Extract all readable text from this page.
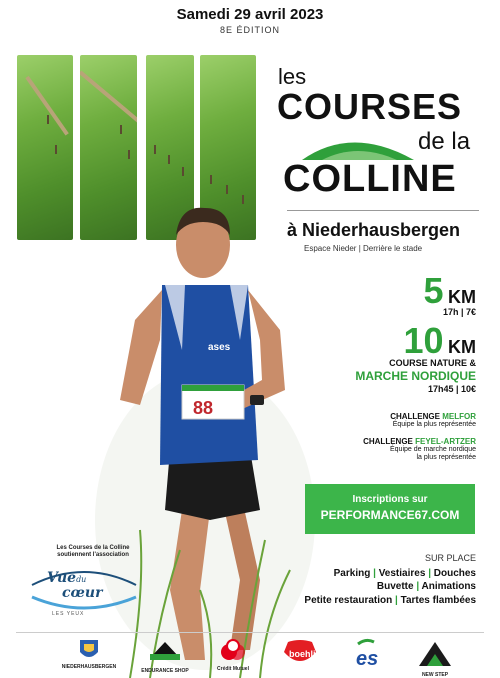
Samedi 29 avril 2023
8E ÉDITION
ases
88
les
COURSES
de la
COLLINE
à Niederhausbergen
Espace Nieder | Derrière le stade
5 KM
17h | 7€
10 KM
COURSE NATURE &
MARCHE NORDIQUE
17h45 | 10€
CHALLENGE MELFOR
Équipe la plus représentée
CHALLENGE FEYEL-ARTZER
Équipe de marche nordique
la plus représentée
Inscriptions sur
PERFORMANCE67.COM
SUR PLACE
Parking | Vestiaires | Douches
Buvette | Animations
Petite restauration | Tartes flambées
Les Courses de la Colline
soutiennent l'association
Vuedu
cœur
LES YEUX
NIEDERHAUSBERGEN
ENDURANCE SHOP	Crédit Mutuel
boehli es
NEW STEP
